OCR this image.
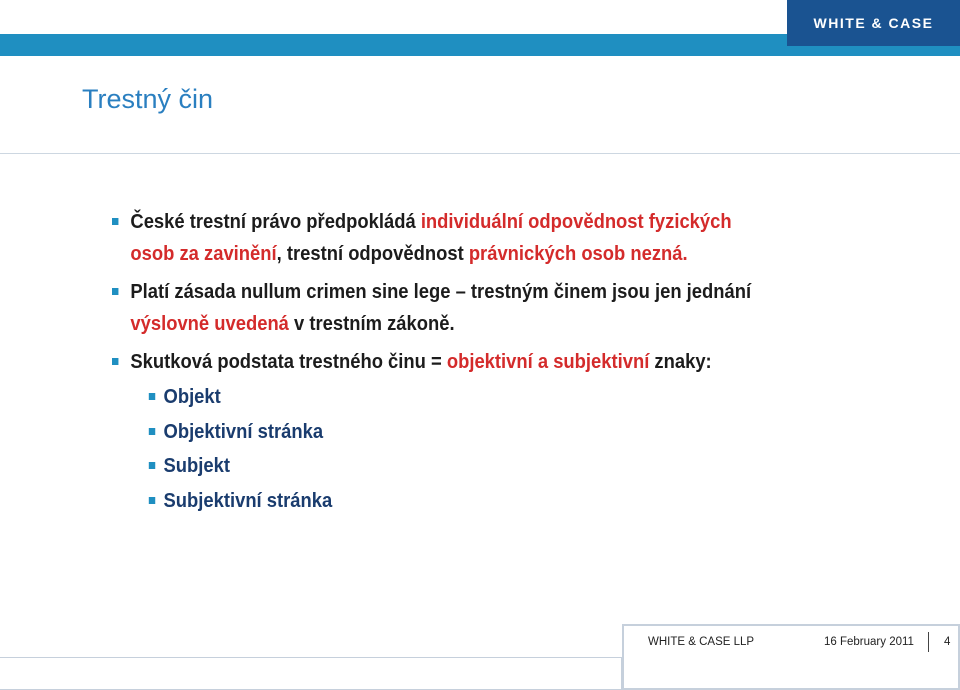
WHITE & CASE
Trestný čin
České trestní právo předpokládá individuální odpovědnost fyzických
osob za zavinění, trestní odpovědnost právnických osob nezná.
Platí zásada nullum crimen sine lege – trestným činem jsou jen jednání
výslovně uvedená v trestním zákoně.
Skutková podstata trestného činu = objektivní a subjektivní znaky:
Objekt
Objektivní stránka
Subjekt
Subjektivní stránka
WHITE & CASE LLP	16 February 2011	4
